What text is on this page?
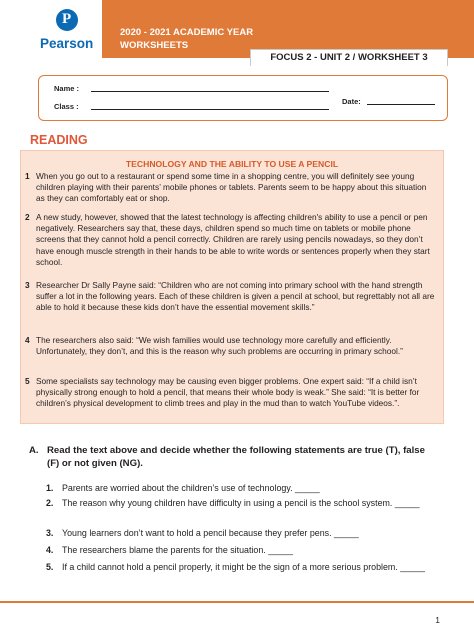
P
Pearson
2020 - 2021 ACADEMIC YEAR
WORKSHEETS
FOCUS 2 - UNIT 2 / WORKSHEET 3
Name :
Class :
Date:
READING
TECHNOLOGY AND THE ABILITY TO USE A PENCIL
1 When you go out to a restaurant or spend some time in a shopping centre, you will definitely see young children playing with their parents’ mobile phones or tablets. Parents seem to be happy about this situation as they can comfortably eat or shop.
2 A new study, however, showed that the latest technology is affecting children's ability to use a pencil or pen negatively. Researchers say that, these days, children spend so much time on tablets or mobile phone screens that they cannot hold a pencil correctly. Children are rarely using pencils nowadays, so they don’t have enough muscle strength in their hands to be able to write words or sentences properly when they start school.
3 Researcher Dr Sally Payne said: “Children who are not coming into primary school with the hand strength suffer a lot in the following years. Each of these children is given a pencil at school, but regrettably not all are able to hold it because these kids don’t have the essential movement skills.”
4 The researchers also said: “We wish families would use technology more carefully and efficiently. Unfortunately, they don’t, and this is the reason why such problems are occurring in primary school.”
5 Some specialists say technology may be causing even bigger problems. One expert said: “If a child isn’t physically strong enough to hold a pencil, that means their whole body is weak.” She said: “It is better for children’s physical development to climb trees and play in the mud than to watch YouTube videos.”.
A. Read the text above and decide whether the following statements are true (T), false (F) or not given (NG).
1. Parents are worried about the children’s use of technology. _____
2. The reason why young children have difficulty in using a pencil is the school system. _____
3. Young learners don’t want to hold a pencil because they prefer pens. _____
4. The researchers blame the parents for the situation. _____
5. If a child cannot hold a pencil properly, it might be the sign of a more serious problem. _____
1
